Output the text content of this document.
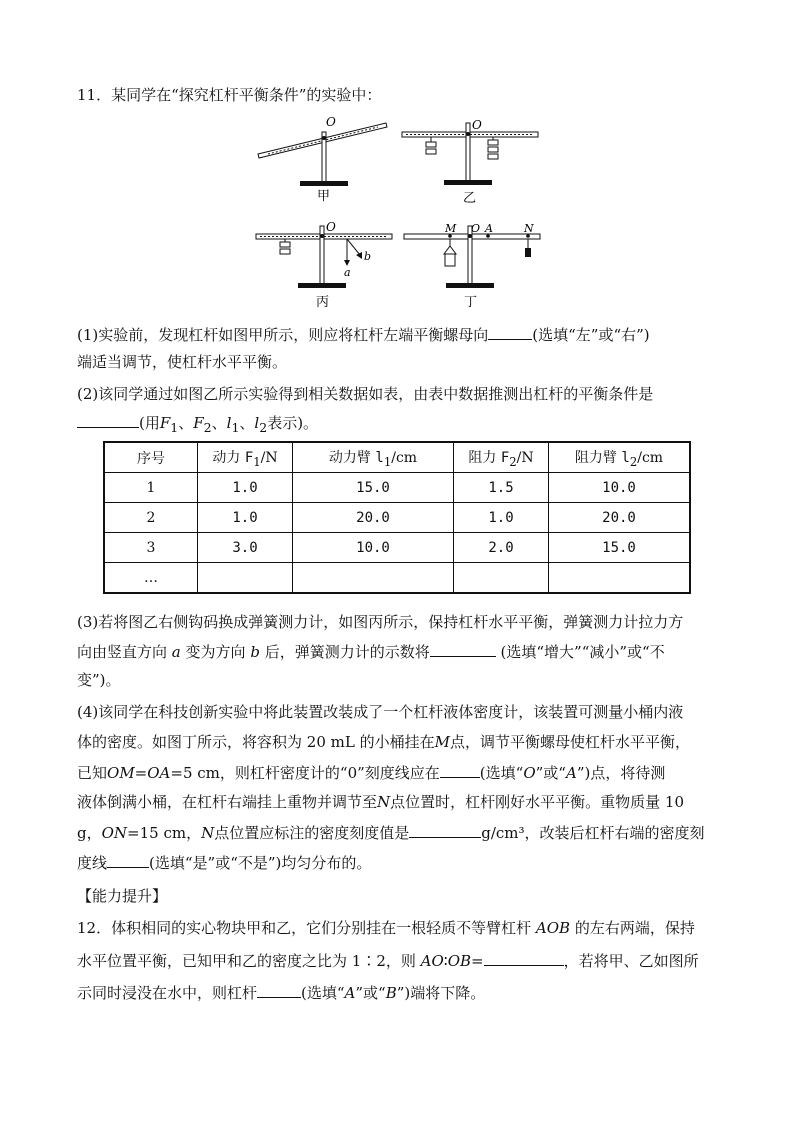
11．某同学在“探究杠杆平衡条件”的实验中：
O
甲
O
乙
O
a
b
丙
M O A	N
丁
(1)实验前，发现杠杆如图甲所示，则应将杠杆左端平衡螺母向	(选填“左”或“右”)
端适当调节，使杠杆水平平衡。
(2)该同学通过如图乙所示实验得到相关数据如表，由表中数据推测出杠杆的平衡条件是
(用$F_1$、$F_2$、$l_1$、$l_2$表示)。
序号	动力 $F_1/N$	动力臂 $l_1/cm$	阻力 $F_2/N$	阻力臂 $l_2/cm$
1	1.0	15.0	1.5	10.0
2	1.0	20.0	1.0	20.0
3	3.0	10.0	2.0	15.0
…				
(3)若将图乙右侧钩码换成弹簧测力计，如图丙所示，保持杠杆水平平衡，弹簧测力计拉力方
向由竖直方向 a 变为方向 b 后，弹簧测力计的示数将	(选填“增大”“减小”或“不
变”)。
(4)该同学在科技创新实验中将此装置改装成了一个杠杆液体密度计，该装置可测量小桶内液
体的密度。如图丁所示，将容积为 20 mL 的小桶挂在M点，调节平衡螺母使杠杆水平平衡，
已知OM=OA=5 cm，则杠杆密度计的“0”刻度线应在	(选填“O”或“A”)点，将待测
液体倒满小桶，在杠杆右端挂上重物并调节至N点位置时，杠杆刚好水平平衡。重物质量 10
g，ON=15 cm，N点位置应标注的密度刻度值是	g/cm³，改装后杠杆右端的密度刻
度线	(选填“是”或“不是”)均匀分布的。
【能力提升】
12．体积相同的实心物块甲和乙，它们分别挂在一根轻质不等臂杠杆 AOB 的左右两端，保持
水平位置平衡，已知甲和乙的密度之比为 1∶2，则 AO∶OB=	，若将甲、乙如图所
示同时浸没在水中，则杠杆	(选填“A”或“B”)端将下降。
